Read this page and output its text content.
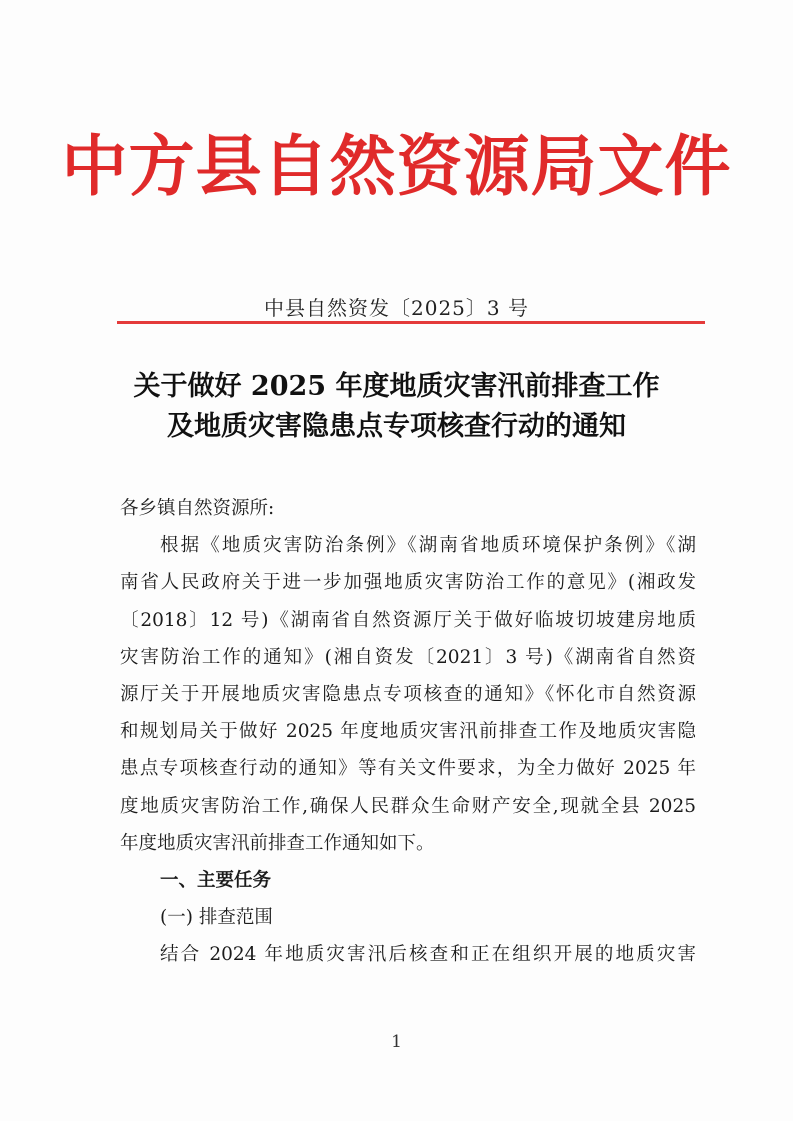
中方县自然资源局文件
中县自然资发〔2025〕3 号
关于做好 2025 年度地质灾害汛前排查工作
及地质灾害隐患点专项核查行动的通知
各乡镇自然资源所:
根据《地质灾害防治条例》《湖南省地质环境保护条例》《湖
南省人民政府关于进一步加强地质灾害防治工作的意见》(湘政发
〔2018〕12 号)《湖南省自然资源厅关于做好临坡切坡建房地质
灾害防治工作的通知》(湘自资发〔2021〕3 号)《湖南省自然资
源厅关于开展地质灾害隐患点专项核查的通知》《怀化市自然资源
和规划局关于做好 2025 年度地质灾害汛前排查工作及地质灾害隐
患点专项核查行动的通知》等有关文件要求，为全力做好 2025 年
度地质灾害防治工作,确保人民群众生命财产安全,现就全县 2025
年度地质灾害汛前排查工作通知如下。
一、主要任务
(一) 排查范围
结合 2024 年地质灾害汛后核查和正在组织开展的地质灾害
1
